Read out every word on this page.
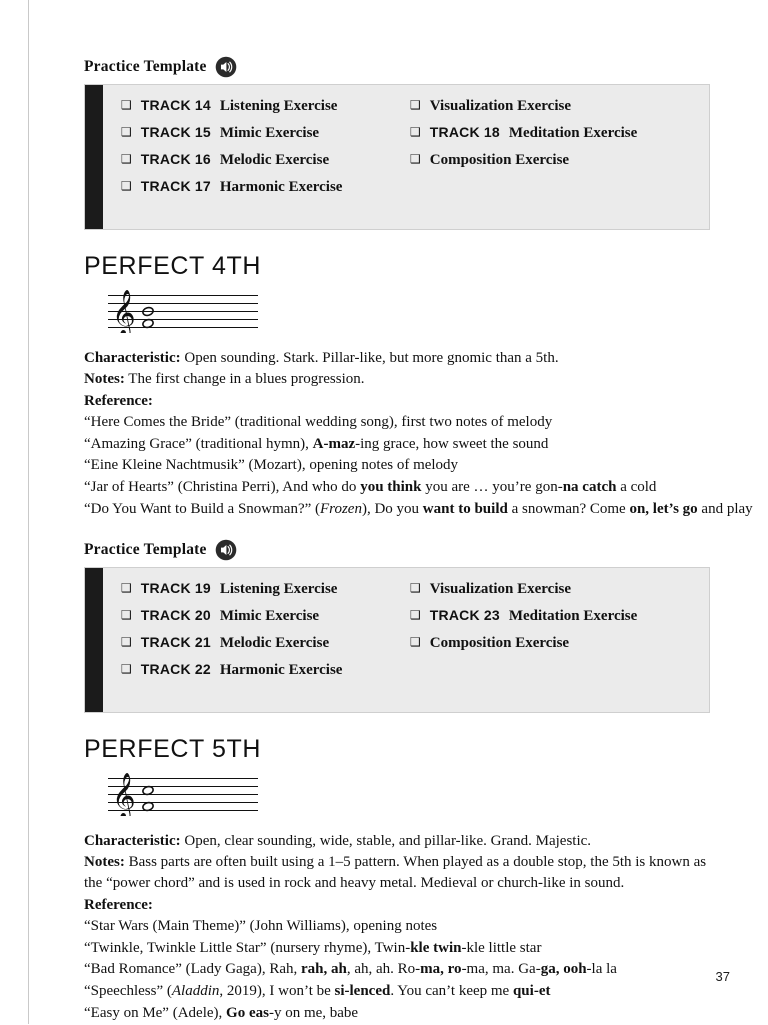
Practice Template
❑ TRACK 14 Listening Exercise
❑ TRACK 15 Mimic Exercise
❑ TRACK 16 Melodic Exercise
❑ TRACK 17 Harmonic Exercise
❑ Visualization Exercise
❑ TRACK 18 Meditation Exercise
❑ Composition Exercise
PERFECT 4TH
𝄞
Characteristic: Open sounding. Stark. Pillar-like, but more gnomic than a 5th.
Notes: The first change in a blues progression.
Reference:
“Here Comes the Bride” (traditional wedding song), first two notes of melody
“Amazing Grace” (traditional hymn), A-maz-ing grace, how sweet the sound
“Eine Kleine Nachtmusik” (Mozart), opening notes of melody
“Jar of Hearts” (Christina Perri), And who do you think you are … you’re gon-na catch a cold
“Do You Want to Build a Snowman?” (Frozen), Do you want to build a snowman? Come on, let’s go and play
Practice Template
❑ TRACK 19 Listening Exercise
❑ TRACK 20 Mimic Exercise
❑ TRACK 21 Melodic Exercise
❑ TRACK 22 Harmonic Exercise
❑ Visualization Exercise
❑ TRACK 23 Meditation Exercise
❑ Composition Exercise
PERFECT 5TH
𝄞
Characteristic: Open, clear sounding, wide, stable, and pillar-like. Grand. Majestic.
Notes: Bass parts are often built using a 1–5 pattern. When played as a double stop, the 5th is known as the “power chord” and is used in rock and heavy metal. Medieval or church-like in sound.
Reference:
“Star Wars (Main Theme)” (John Williams), opening notes
“Twinkle, Twinkle Little Star” (nursery rhyme), Twin-kle twin-kle little star
“Bad Romance” (Lady Gaga), Rah, rah, ah, ah, ah. Ro-ma, ro-ma, ma. Ga-ga, ooh-la la
“Speechless” (Aladdin, 2019), I won’t be si-lenced. You can’t keep me qui-et
“Easy on Me” (Adele), Go eas-y on me, babe
37
